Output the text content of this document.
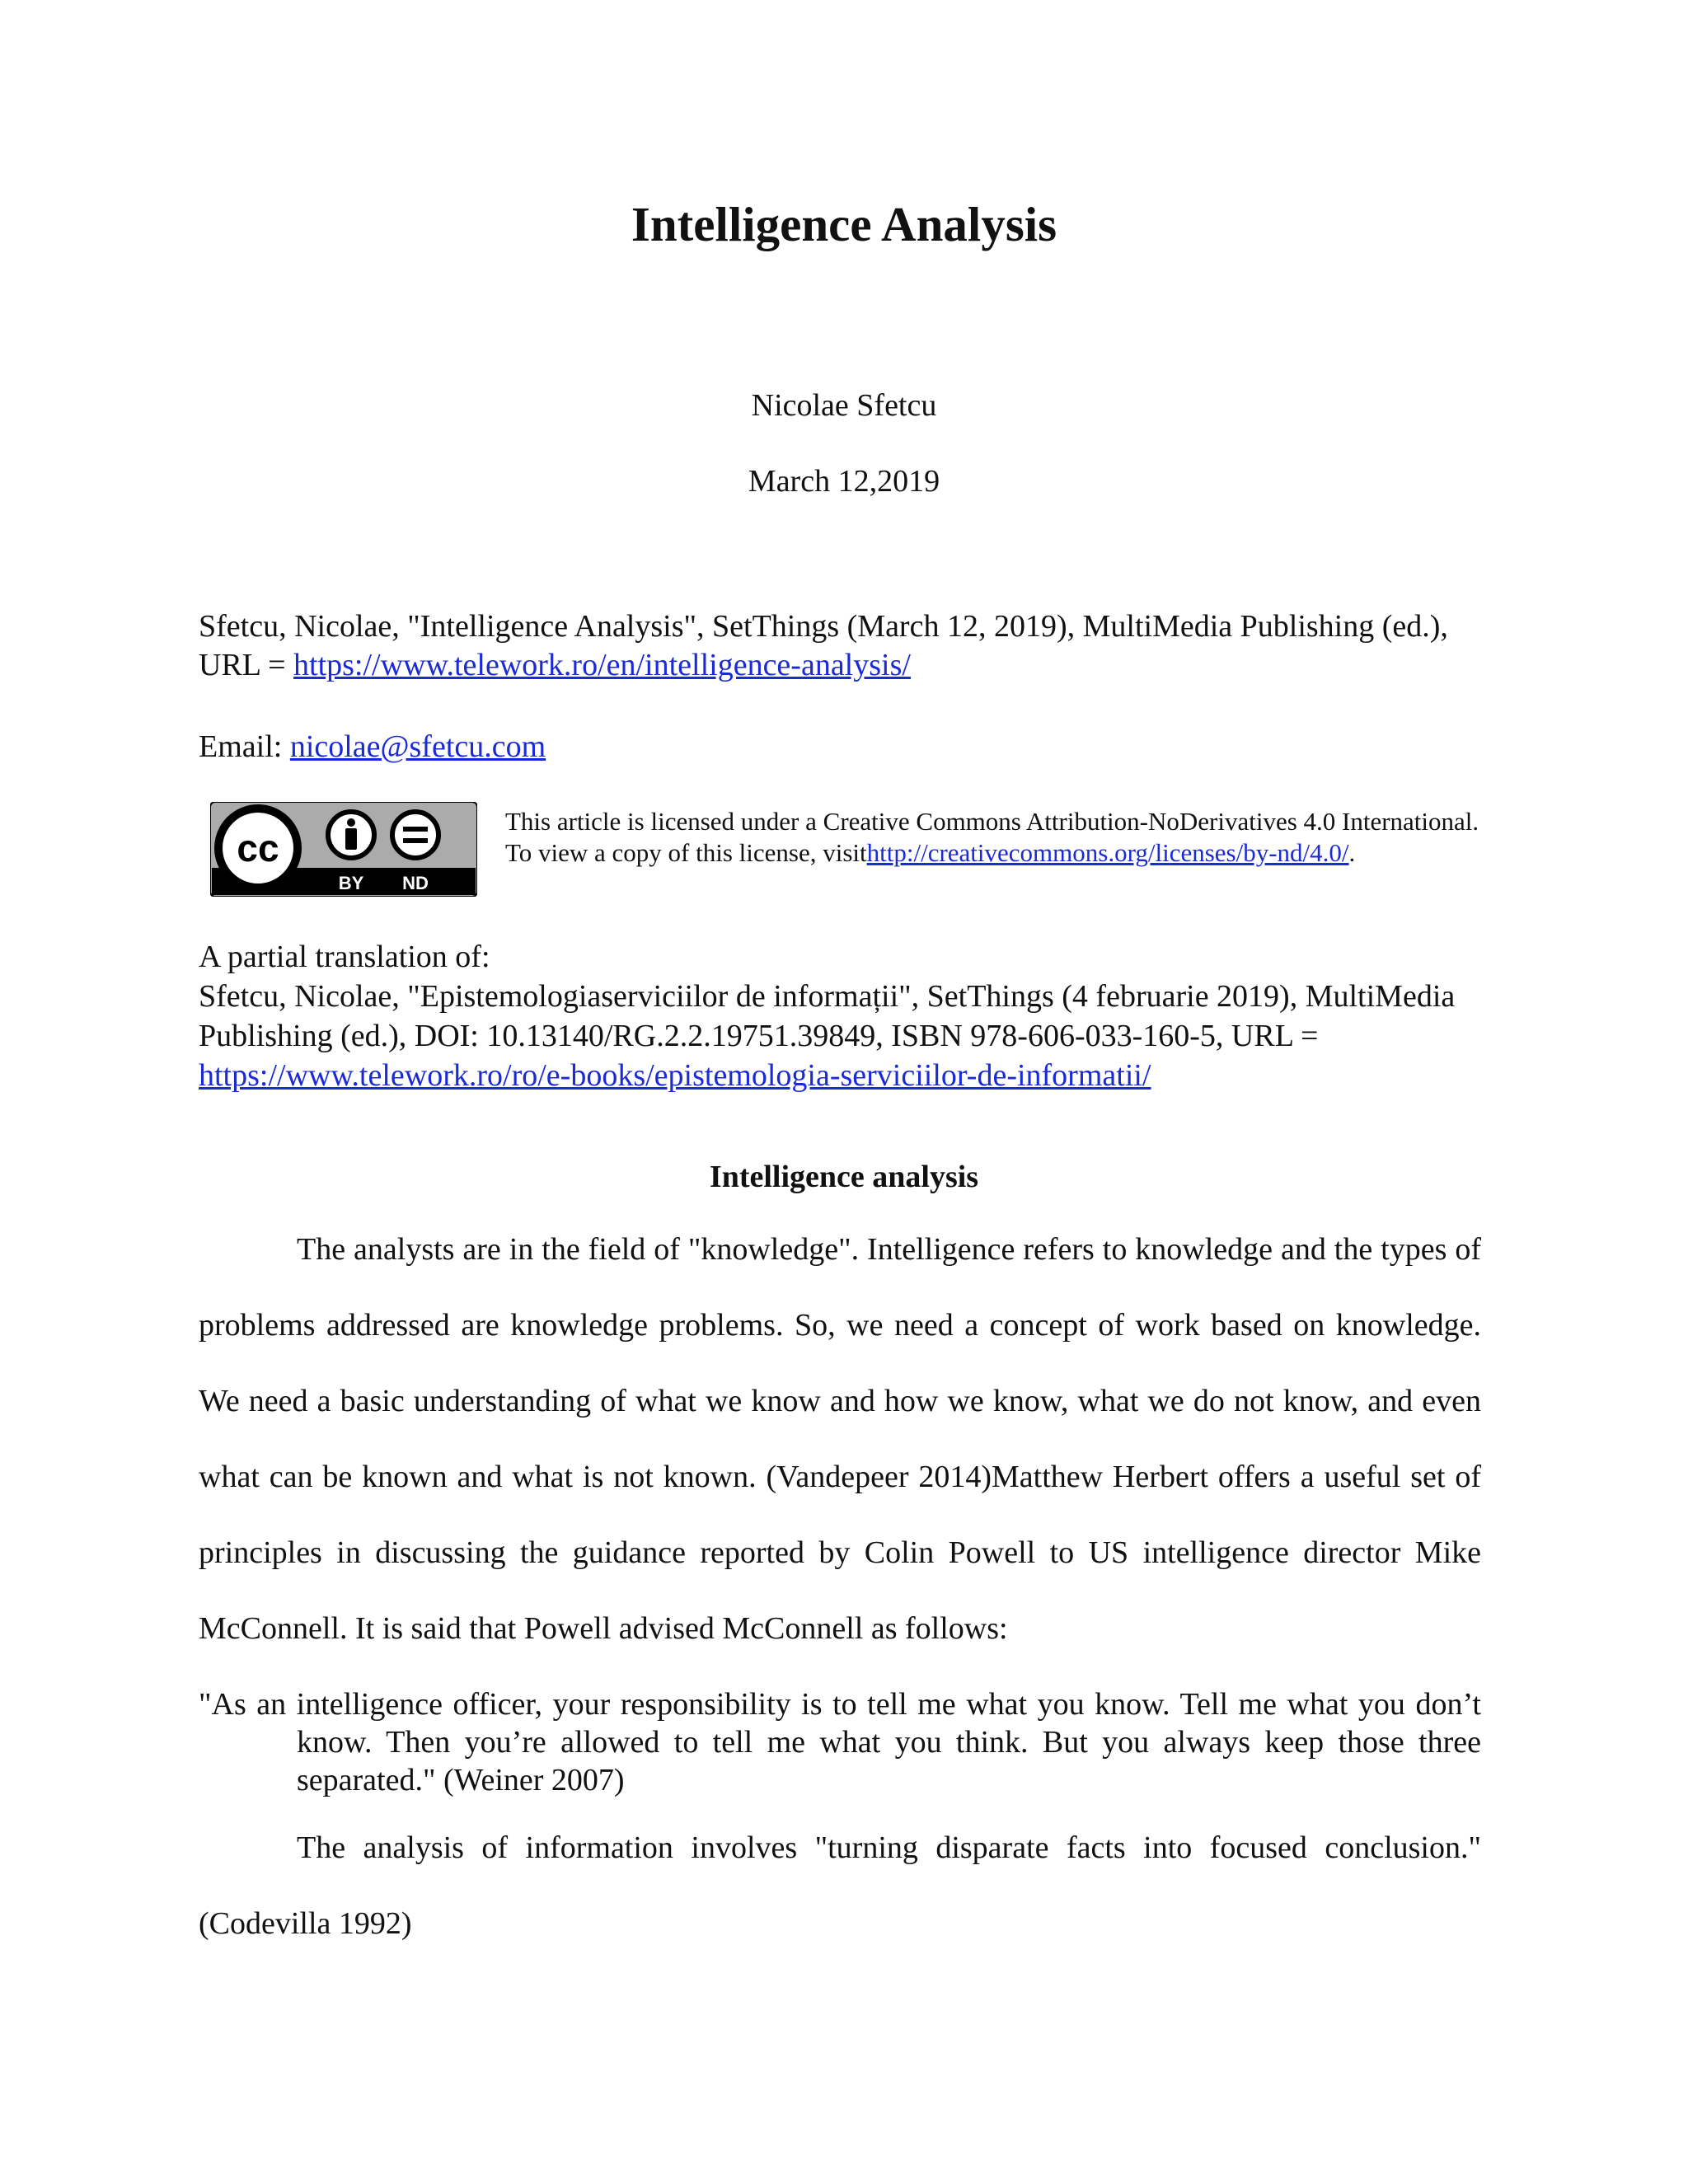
Intelligence Analysis
Nicolae Sfetcu
March 12,2019
Sfetcu, Nicolae, "Intelligence Analysis", SetThings (March 12, 2019), MultiMedia Publishing (ed.), URL = https://www.telework.ro/en/intelligence-analysis/
Email: nicolae@sfetcu.com
cc
BY ND
This article is licensed under a Creative Commons Attribution-NoDerivatives 4.0 International. To view a copy of this license, visithttp://creativecommons.org/licenses/by-nd/4.0/.
A partial translation of:
Sfetcu, Nicolae, "Epistemologiaserviciilor de informații", SetThings (4 februarie 2019), MultiMedia Publishing (ed.), DOI: 10.13140/RG.2.2.19751.39849, ISBN 978-606-033-160-5, URL = https://www.telework.ro/ro/e-books/epistemologia-serviciilor-de-informatii/
Intelligence analysis
The analysts are in the field of "knowledge". Intelligence refers to knowledge and the types of problems addressed are knowledge problems. So, we need a concept of work based on knowledge. We need a basic understanding of what we know and how we know, what we do not know, and even what can be known and what is not known. (Vandepeer 2014)Matthew Herbert offers a useful set of principles in discussing the guidance reported by Colin Powell to US intelligence director Mike McConnell. It is said that Powell advised McConnell as follows:
"As an intelligence officer, your responsibility is to tell me what you know. Tell me what you don’t know. Then you’re allowed to tell me what you think. But you always keep those three separated." (Weiner 2007)
The analysis of information involves "turning disparate facts into focused conclusion." (Codevilla 1992)
